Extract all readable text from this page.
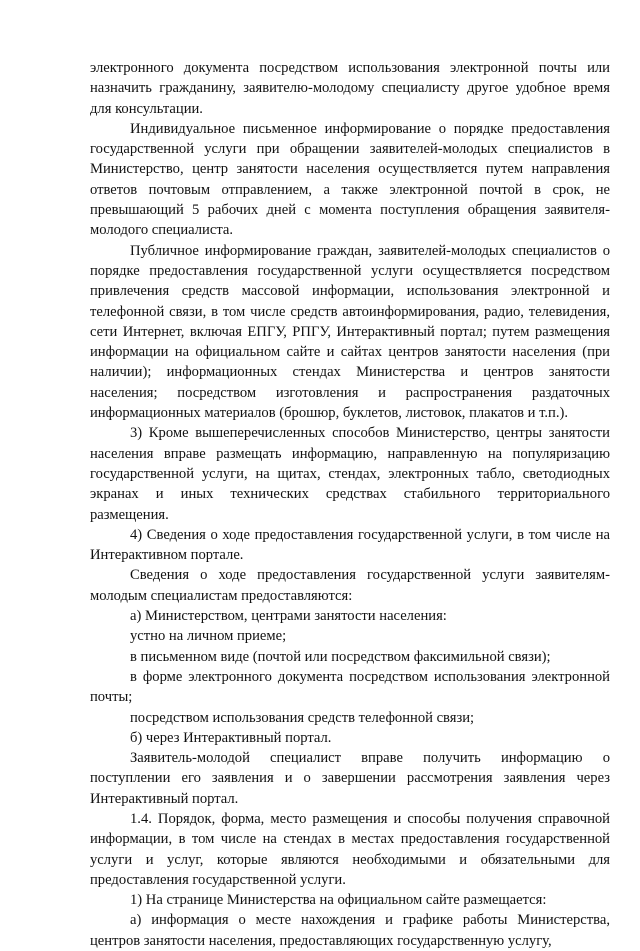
электронного документа посредством использования электронной почты или назначить гражданину, заявителю-молодому специалисту другое удобное время для консультации.

Индивидуальное письменное информирование о порядке предоставления государственной услуги при обращении заявителей-молодых специалистов в Министерство, центр занятости населения осуществляется путем направления ответов почтовым отправлением, а также электронной почтой в срок, не превышающий 5 рабочих дней с момента поступления обращения заявителя-молодого специалиста.

Публичное информирование граждан, заявителей-молодых специалистов о порядке предоставления государственной услуги осуществляется посредством привлечения средств массовой информации, использования электронной и телефонной связи, в том числе средств автоинформирования, радио, телевидения, сети Интернет, включая ЕПГУ, РПГУ, Интерактивный портал; путем размещения информации на официальном сайте и сайтах центров занятости населения (при наличии); информационных стендах Министерства и центров занятости населения; посредством изготовления и распространения раздаточных информационных материалов (брошюр, буклетов, листовок, плакатов и т.п.).

3) Кроме вышеперечисленных способов Министерство, центры занятости населения вправе размещать информацию, направленную на популяризацию государственной услуги, на щитах, стендах, электронных табло, светодиодных экранах и иных технических средствах стабильного территориального размещения.

4) Сведения о ходе предоставления государственной услуги, в том числе на Интерактивном портале.

Сведения о ходе предоставления государственной услуги заявителям-молодым специалистам предоставляются:

а) Министерством, центрами занятости населения:

устно на личном приеме;

в письменном виде (почтой или посредством факсимильной связи);

в форме электронного документа посредством использования электронной почты;

посредством использования средств телефонной связи;

б) через Интерактивный портал.

Заявитель-молодой специалист вправе получить информацию о поступлении его заявления и о завершении рассмотрения заявления через Интерактивный портал.

1.4. Порядок, форма, место размещения и способы получения справочной информации, в том числе на стендах в местах предоставления государственной услуги и услуг, которые являются необходимыми и обязательными для предоставления государственной услуги.

1) На странице Министерства на официальном сайте размещается:

а) информация о месте нахождения и графике работы Министерства, центров занятости населения, предоставляющих государственную услугу,
